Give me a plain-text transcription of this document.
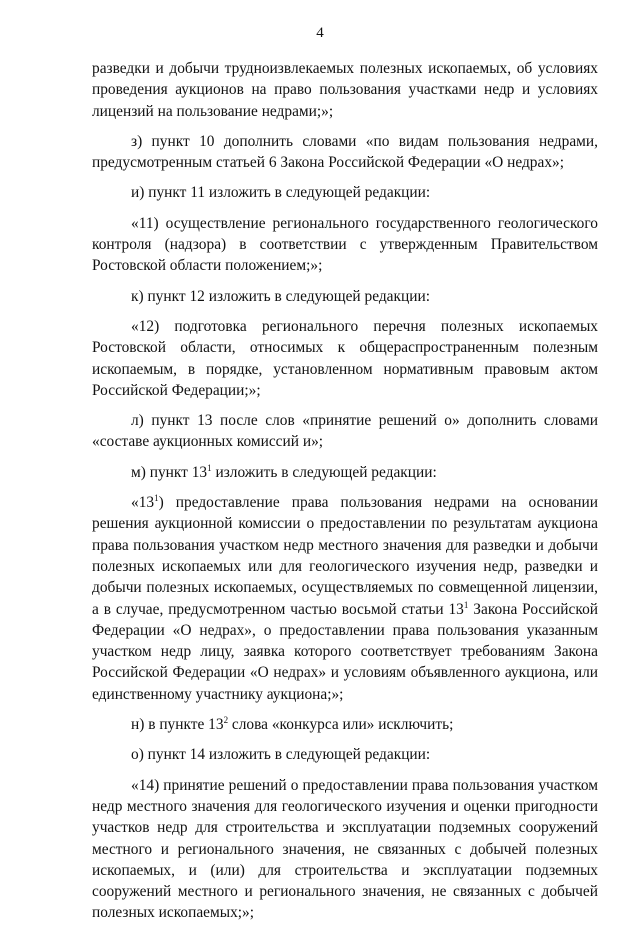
4

разведки и добычи трудноизвлекаемых полезных ископаемых, об условиях проведения аукционов на право пользования участками недр и условиях лицензий на пользование недрами;»;

з) пункт 10 дополнить словами «по видам пользования недрами, предусмотренным статьей 6 Закона Российской Федерации «О недрах»;

и) пункт 11 изложить в следующей редакции:

«11) осуществление регионального государственного геологического контроля (надзора) в соответствии с утвержденным Правительством Ростовской области положением;»;

к) пункт 12 изложить в следующей редакции:

«12) подготовка регионального перечня полезных ископаемых Ростовской области, относимых к общераспространенным полезным ископаемым, в порядке, установленном нормативным правовым актом Российской Федерации;»;

л) пункт 13 после слов «принятие решений о» дополнить словами «составе аукционных комиссий и»;

м) пункт $13^1$ изложить в следующей редакции:

«$13^1$) предоставление права пользования недрами на основании решения аукционной комиссии о предоставлении по результатам аукциона права пользования участком недр местного значения для разведки и добычи полезных ископаемых или для геологического изучения недр, разведки и добычи полезных ископаемых, осуществляемых по совмещенной лицензии, а в случае, предусмотренном частью восьмой статьи $13^1$ Закона Российской Федерации «О недрах», о предоставлении права пользования указанным участком недр лицу, заявка которого соответствует требованиям Закона Российской Федерации «О недрах» и условиям объявленного аукциона, или единственному участнику аукциона;»;

н) в пункте $13^2$ слова «конкурса или» исключить;

о) пункт 14 изложить в следующей редакции:

«14) принятие решений о предоставлении права пользования участком недр местного значения для геологического изучения и оценки пригодности участков недр для строительства и эксплуатации подземных сооружений местного и регионального значения, не связанных с добычей полезных ископаемых, и (или) для строительства и эксплуатации подземных сооружений местного и регионального значения, не связанных с добычей полезных ископаемых;»;
